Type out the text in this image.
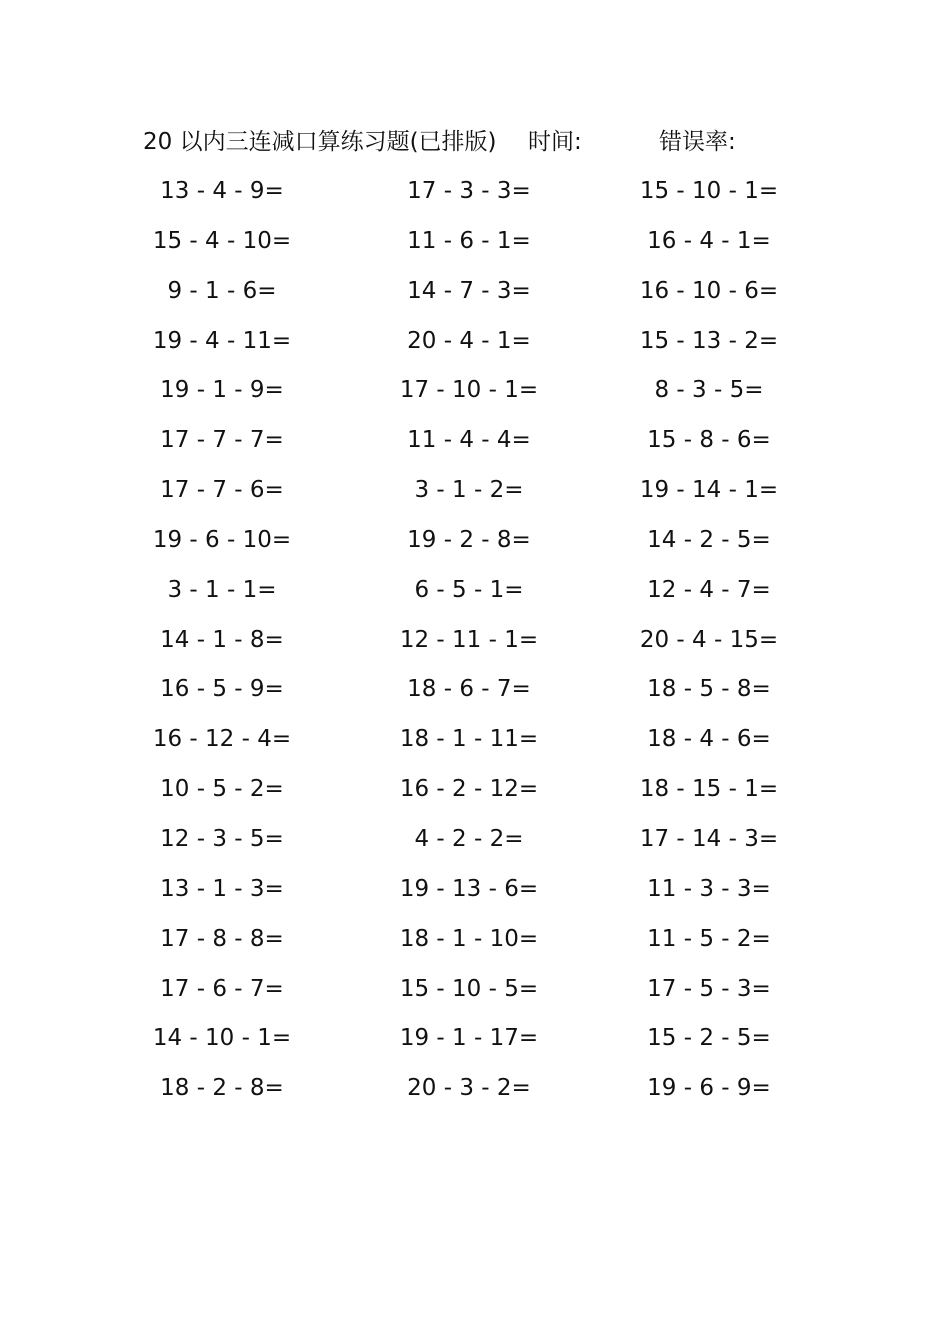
20 以内三连减口算练习题(已排版) 时间:	错误率:
13 - 4 - 9=	17 - 3 - 3=	15 - 10 - 1=
15 - 4 - 10=	11 - 6 - 1=	16 - 4 - 1=
9 - 1 - 6=	14 - 7 - 3=	16 - 10 - 6=
19 - 4 - 11=	20 - 4 - 1=	15 - 13 - 2=
19 - 1 - 9=	17 - 10 - 1=	8 - 3 - 5=
17 - 7 - 7=	11 - 4 - 4=	15 - 8 - 6=
17 - 7 - 6=	3 - 1 - 2=	19 - 14 - 1=
19 - 6 - 10=	19 - 2 - 8=	14 - 2 - 5=
3 - 1 - 1=	6 - 5 - 1=	12 - 4 - 7=
14 - 1 - 8=	12 - 11 - 1=	20 - 4 - 15=
16 - 5 - 9=	18 - 6 - 7=	18 - 5 - 8=
16 - 12 - 4=	18 - 1 - 11=	18 - 4 - 6=
10 - 5 - 2=	16 - 2 - 12=	18 - 15 - 1=
12 - 3 - 5=	4 - 2 - 2=	17 - 14 - 3=
13 - 1 - 3=	19 - 13 - 6=	11 - 3 - 3=
17 - 8 - 8=	18 - 1 - 10=	11 - 5 - 2=
17 - 6 - 7=	15 - 10 - 5=	17 - 5 - 3=
14 - 10 - 1=	19 - 1 - 17=	15 - 2 - 5=
18 - 2 - 8=	20 - 3 - 2=	19 - 6 - 9=
